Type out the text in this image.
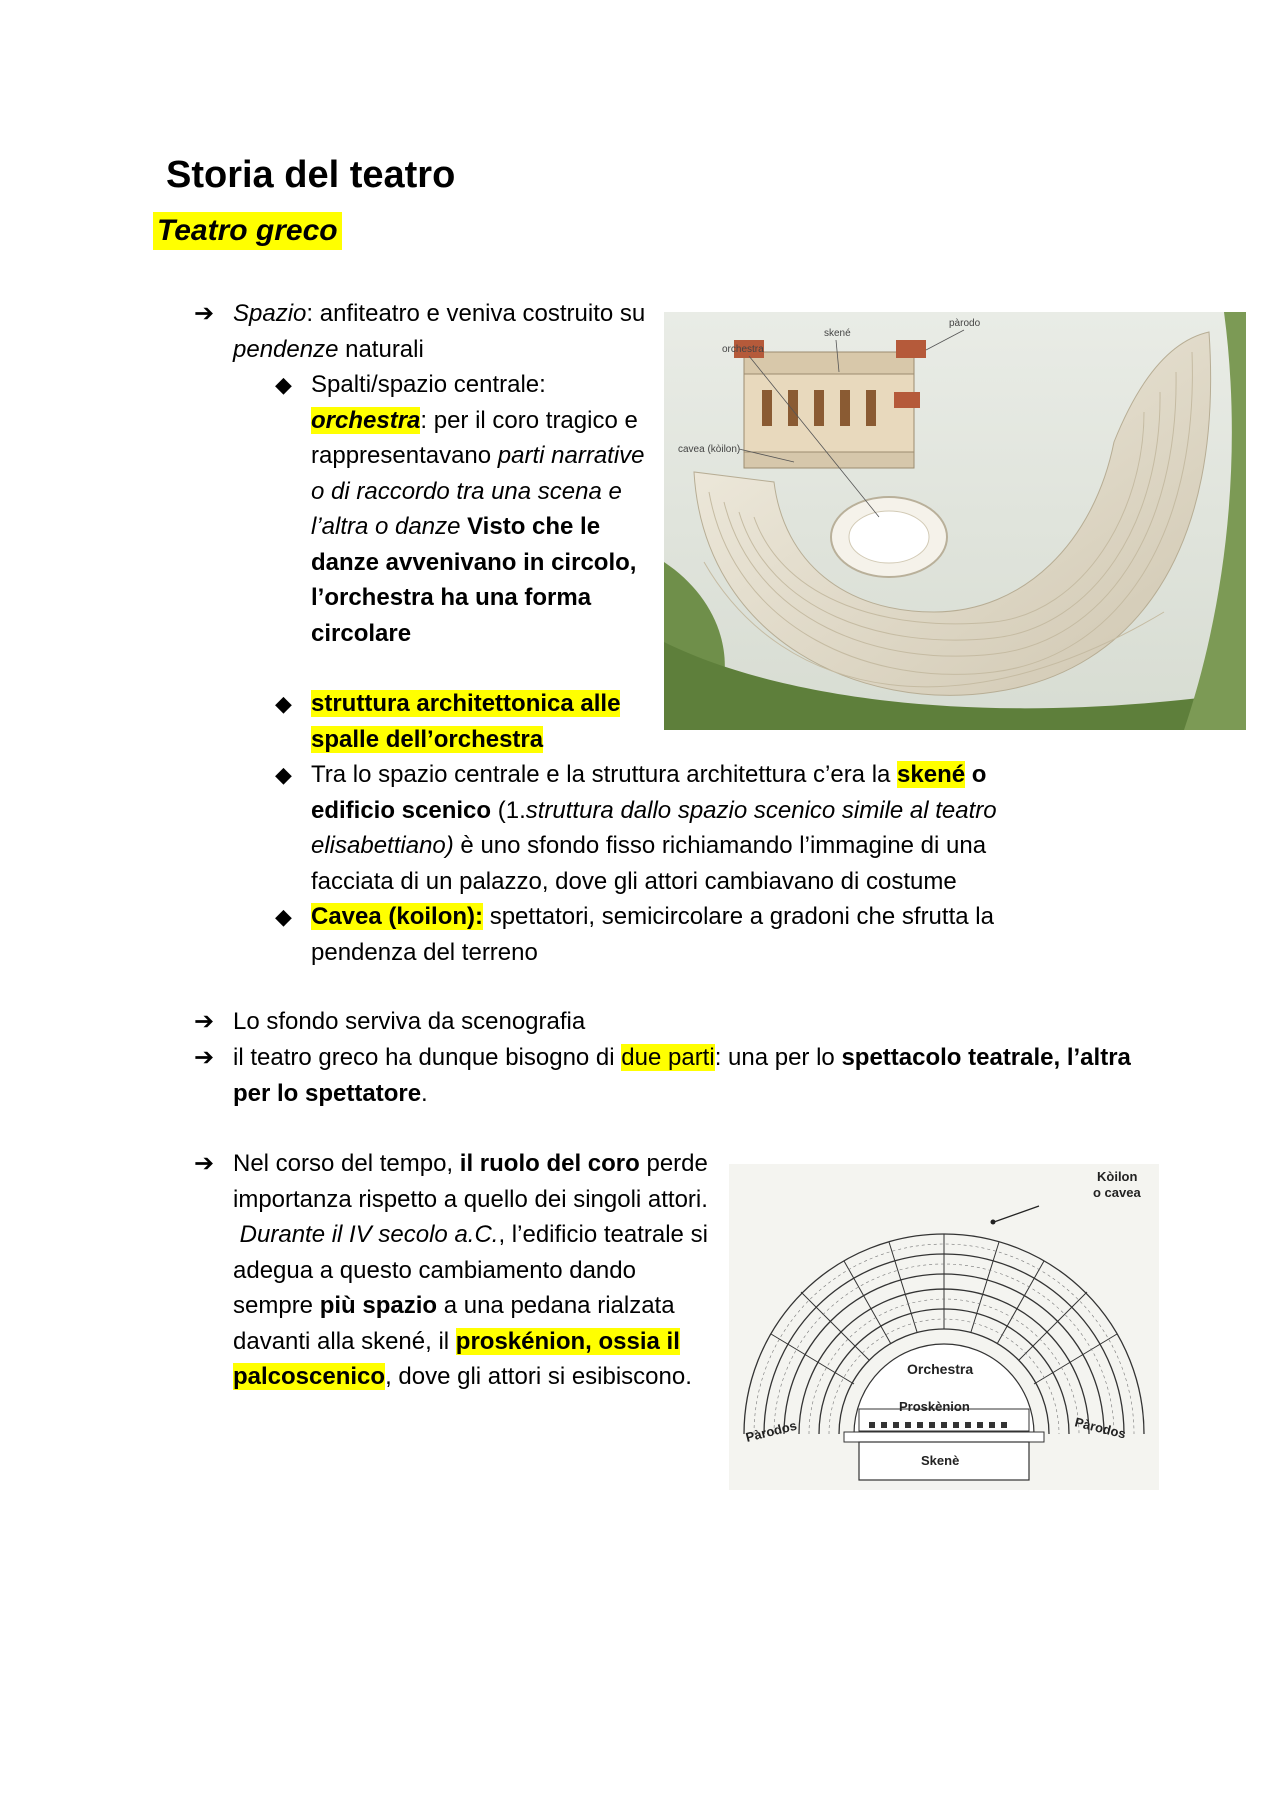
Storia del teatro
Teatro greco
➔ Spazio: anfiteatro e veniva costruito su pendenze naturali
◆ Spalti/spazio centrale:
orchestra: per il coro tragico e rappresentavano parti narrative o di raccordo tra una scena e l’altra o danze Visto che le danze avvenivano in circolo, l’orchestra ha una forma circolare
◆ struttura architettonica alle spalle dell’orchestra
◆ Tra lo spazio centrale e la struttura architettura c’era la skené o edificio scenico (1.struttura dallo spazio scenico simile al teatro elisabettiano) è uno sfondo fisso richiamando l’immagine di una facciata di un palazzo, dove gli attori cambiavano di costume
◆ Cavea (koilon): spettatori, semicircolare a gradoni che sfrutta la pendenza del terreno
➔ Lo sfondo serviva da scenografia
➔ il teatro greco ha dunque bisogno di due parti: una per lo spettacolo teatrale, l’altra per lo spettatore.
➔ Nel corso del tempo, il ruolo del coro perde importanza rispetto a quello dei singoli attori.
Durante il IV secolo a.C., l’edificio teatrale si adegua a questo cambiamento dando sempre più spazio a una pedana rialzata davanti alla skené, il proskénion, ossia il palcoscenico, dove gli attori si esibiscono.
orchestra
skené
pàrodo
cavea (kòilon)
Kòilon
o cavea
Orchestra
Proskènion
Skenè
Pàrodos	Pàrodos
